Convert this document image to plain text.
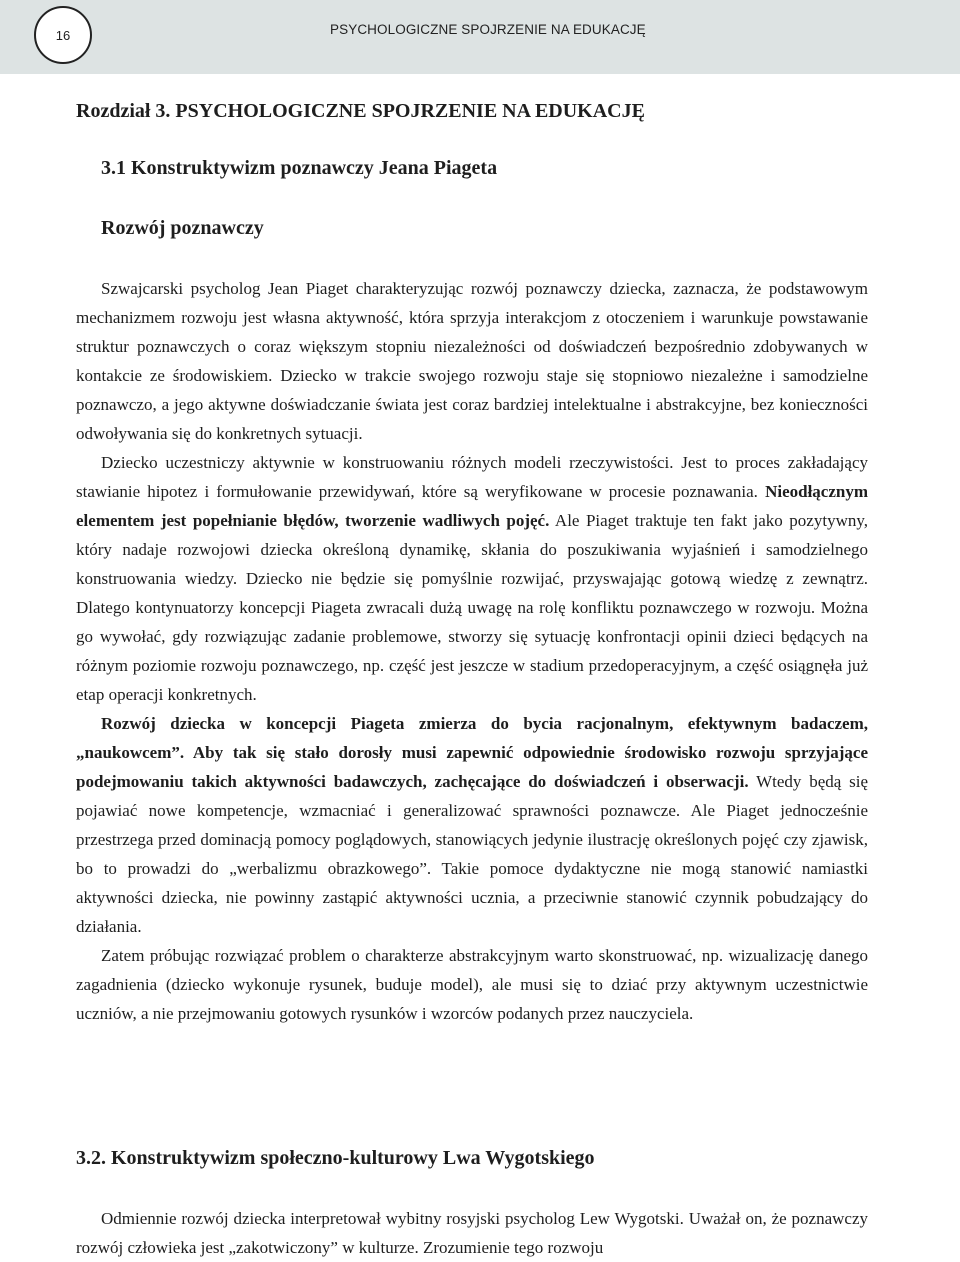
16	PSYCHOLOGICZNE SPOJRZENIE NA EDUKACJĘ
Rozdział 3. PSYCHOLOGICZNE SPOJRZENIE NA EDUKACJĘ
3.1 Konstruktywizm poznawczy Jeana Piageta
Rozwój poznawczy

Szwajcarski psycholog Jean Piaget charakteryzując rozwój poznawczy dziecka, zaznacza, że podstawowym mechanizmem rozwoju jest własna aktywność, która sprzyja interakcjom z otoczeniem i warunkuje powstawanie struktur poznawczych o coraz większym stopniu niezależności od doświadczeń bezpośrednio zdobywanych w kontakcie ze środowiskiem. Dziecko w trakcie swojego rozwoju staje się stopniowo niezależne i samodzielne poznawczo, a jego aktywne doświadczanie świata jest coraz bardziej intelektualne i abstrakcyjne, bez konieczności odwoływania się do konkretnych sytuacji.

Dziecko uczestniczy aktywnie w konstruowaniu różnych modeli rzeczywistości. Jest to proces zakładający stawianie hipotez i formułowanie przewidywań, które są weryfikowane w procesie poznawania. Nieodłącznym elementem jest popełnianie błędów, tworzenie wadliwych pojęć. Ale Piaget traktuje ten fakt jako pozytywny, który nadaje rozwojowi dziecka określoną dynamikę, skłania do poszukiwania wyjaśnień i samodzielnego konstruowania wiedzy. Dziecko nie będzie się pomyślnie rozwijać, przyswajając gotową wiedzę z zewnątrz. Dlatego kontynuatorzy koncepcji Piageta zwracali dużą uwagę na rolę konfliktu poznawczego w rozwoju. Można go wywołać, gdy rozwiązując zadanie problemowe, stworzy się sytuację konfrontacji opinii dzieci będących na różnym poziomie rozwoju poznawczego, np. część jest jeszcze w stadium przedoperacyjnym, a część osiągnęła już etap operacji konkretnych.

Rozwój dziecka w koncepcji Piageta zmierza do bycia racjonalnym, efektywnym badaczem, „naukowcem”. Aby tak się stało dorosły musi zapewnić odpowiednie środowisko rozwoju sprzyjające podejmowaniu takich aktywności badawczych, zachęcające do doświadczeń i obserwacji. Wtedy będą się pojawiać nowe kompetencje, wzmacniać i generalizować sprawności poznawcze. Ale Piaget jednocześnie przestrzega przed dominacją pomocy poglądowych, stanowiących jedynie ilustrację określonych pojęć czy zjawisk, bo to prowadzi do „werbalizmu obrazkowego”. Takie pomoce dydaktyczne nie mogą stanowić namiastki aktywności dziecka, nie powinny zastąpić aktywności ucznia, a przeciwnie stanowić czynnik pobudzający do działania.

Zatem próbując rozwiązać problem o charakterze abstrakcyjnym warto skonstruować, np. wizualizację danego zagadnienia (dziecko wykonuje rysunek, buduje model), ale musi się to dziać przy aktywnym uczestnictwie uczniów, a nie przejmowaniu gotowych rysunków i wzorców podanych przez nauczyciela.

3.2. Konstruktywizm społeczno-kulturowy Lwa Wygotskiego

Odmiennie rozwój dziecka interpretował wybitny rosyjski psycholog Lew Wygotski. Uważał on, że poznawczy rozwój człowieka jest „zakotwiczony” w kulturze. Zrozumienie tego rozwoju
